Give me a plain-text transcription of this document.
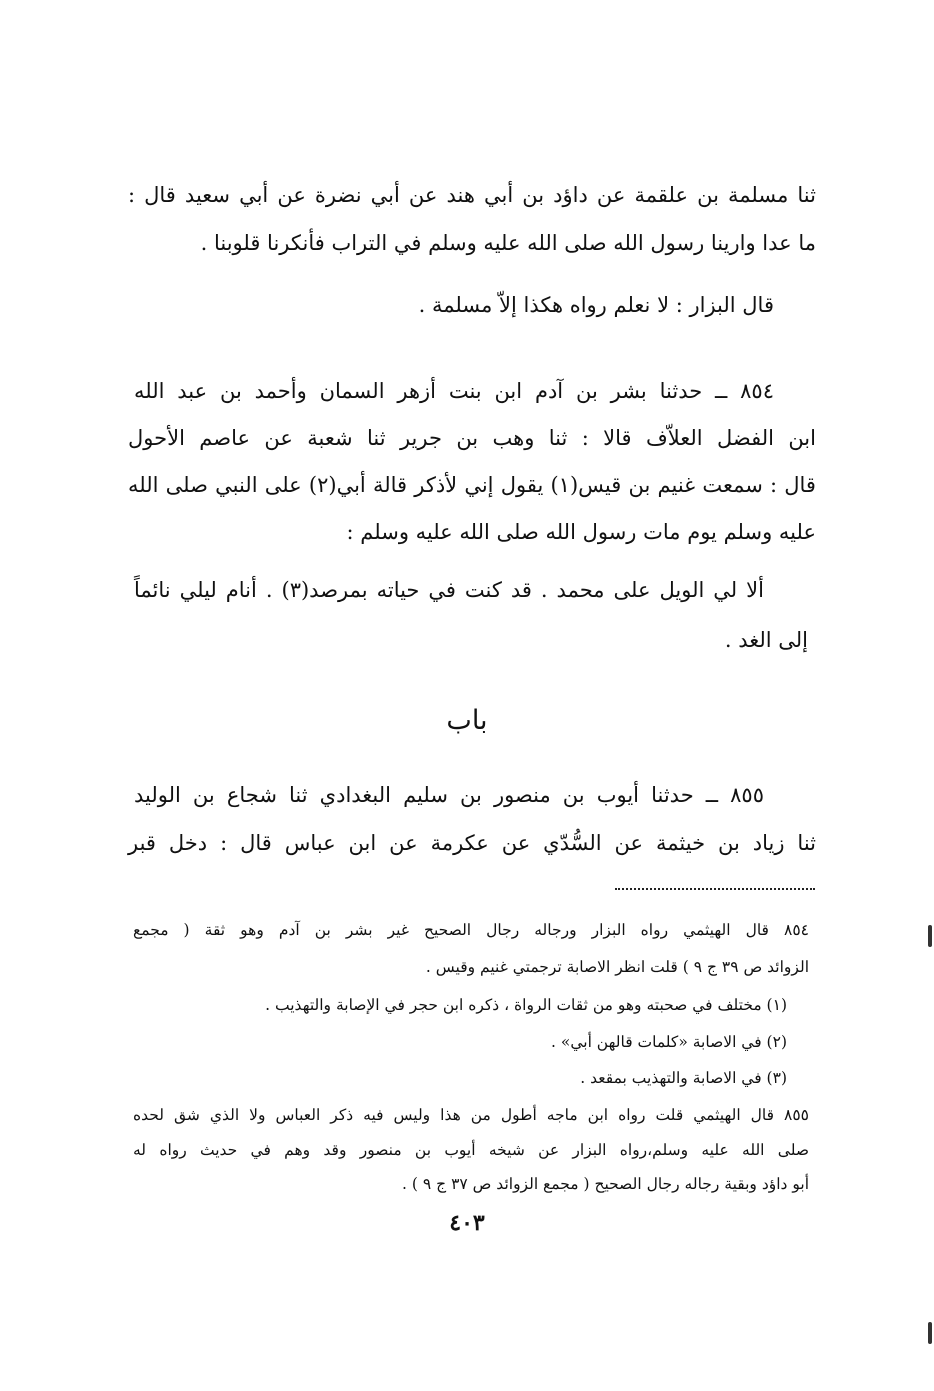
ثنا مسلمة بن علقمة عن داؤد بن أبي هند عن أبي نضرة عن أبي سعيد قال :
ما عدا وارينا رسول الله صلى الله عليه وسلم في التراب فأنكرنا قلوبنا .
قال البزار : لا نعلم رواه هكذا إلاّ مسلمة .
٨٥٤ ــ حدثنا بشر بن آدم ابن بنت أزهر السمان وأحمد بن عبد الله
ابن الفضل العلاّف قالا : ثنا وهب بن جرير ثنا شعبة عن عاصم الأحول
قال : سمعت غنيم بن قيس(١) يقول إني لأذكر قالة أبي(٢) على النبي صلى الله
عليه وسلم يوم مات رسول الله صلى الله عليه وسلم :
ألا لي الويل على محمد . قد كنت في حياته بمرصد(٣) . أنام ليلي نائماً
إلى الغد .
باب
٨٥٥ ــ حدثنا أيوب بن منصور بن سليم البغدادي ثنا شجاع بن الوليد
ثنا زياد بن خيثمة عن السُّدّي عن عكرمة عن ابن عباس قال : دخل قبر
٨٥٤ قال الهيثمي رواه البزار ورجاله رجال الصحيح غير بشر بن آدم وهو ثقة ( مجمع
الزوائد ص ٣٩ ج ٩ ) قلت انظر الاصابة ترجمتي غنيم وقيس .
(١) مختلف في صحبته وهو من ثقات الرواة ، ذكره ابن حجر في الإصابة والتهذيب .
(٢) في الاصابة «كلمات قالهن أبي» .
(٣) في الاصابة والتهذيب بمقعد .
٨٥٥ قال الهيثمي قلت رواه ابن ماجه أطول من هذا وليس فيه ذكر العباس ولا الذي شق لحده
صلى الله عليه وسلم،رواه البزار عن شيخه أيوب بن منصور وقد وهم في حديث رواه له
أبو داؤد وبقية رجاله رجال الصحيح ( مجمع الزوائد ص ٣٧ ج ٩ ) .
٤٠٣
